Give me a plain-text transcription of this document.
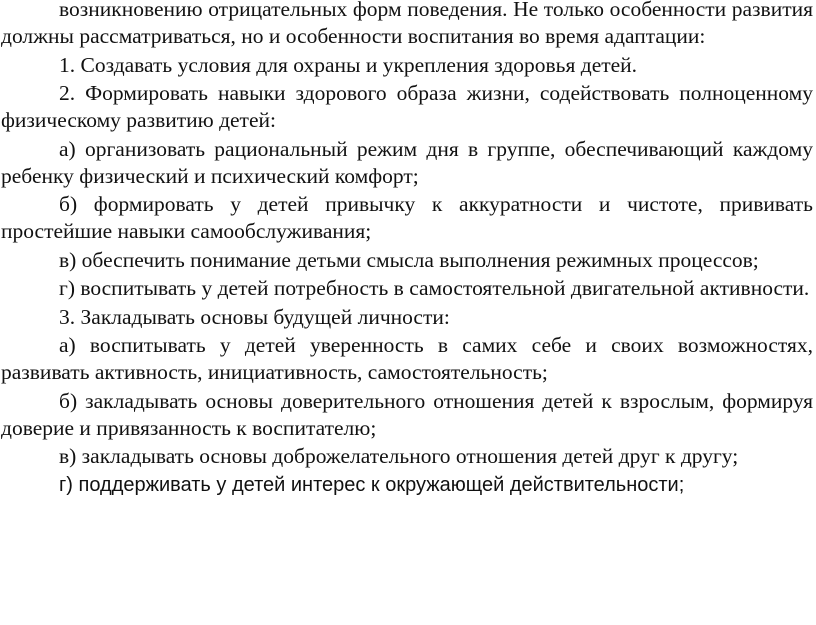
возникновению отрицательных форм поведения. Не только особенности развития должны рассматриваться, но и особенности воспитания во время адаптации:
1. Создавать условия для охраны и укрепления здоровья детей.
2. Формировать навыки здорового образа жизни, содействовать полноценному физическому развитию детей:
а) организовать рациональный режим дня в группе, обеспечивающий каждому ребенку физический и психический комфорт;
б) формировать у детей привычку к аккуратности и чистоте, прививать простейшие навыки самообслуживания;
в) обеспечить понимание детьми смысла выполнения режимных процессов;
г) воспитывать у детей потребность в самостоятельной двигательной активности.
3. Закладывать основы будущей личности:
а) воспитывать у детей уверенность в самих себе и своих возможностях, развивать активность, инициативность, самостоятельность;
б) закладывать основы доверительного отношения детей к взрослым, формируя доверие и привязанность к воспитателю;
в) закладывать основы доброжелательного отношения детей друг к другу;
г) поддерживать у детей интерес к окружающей действительности;
